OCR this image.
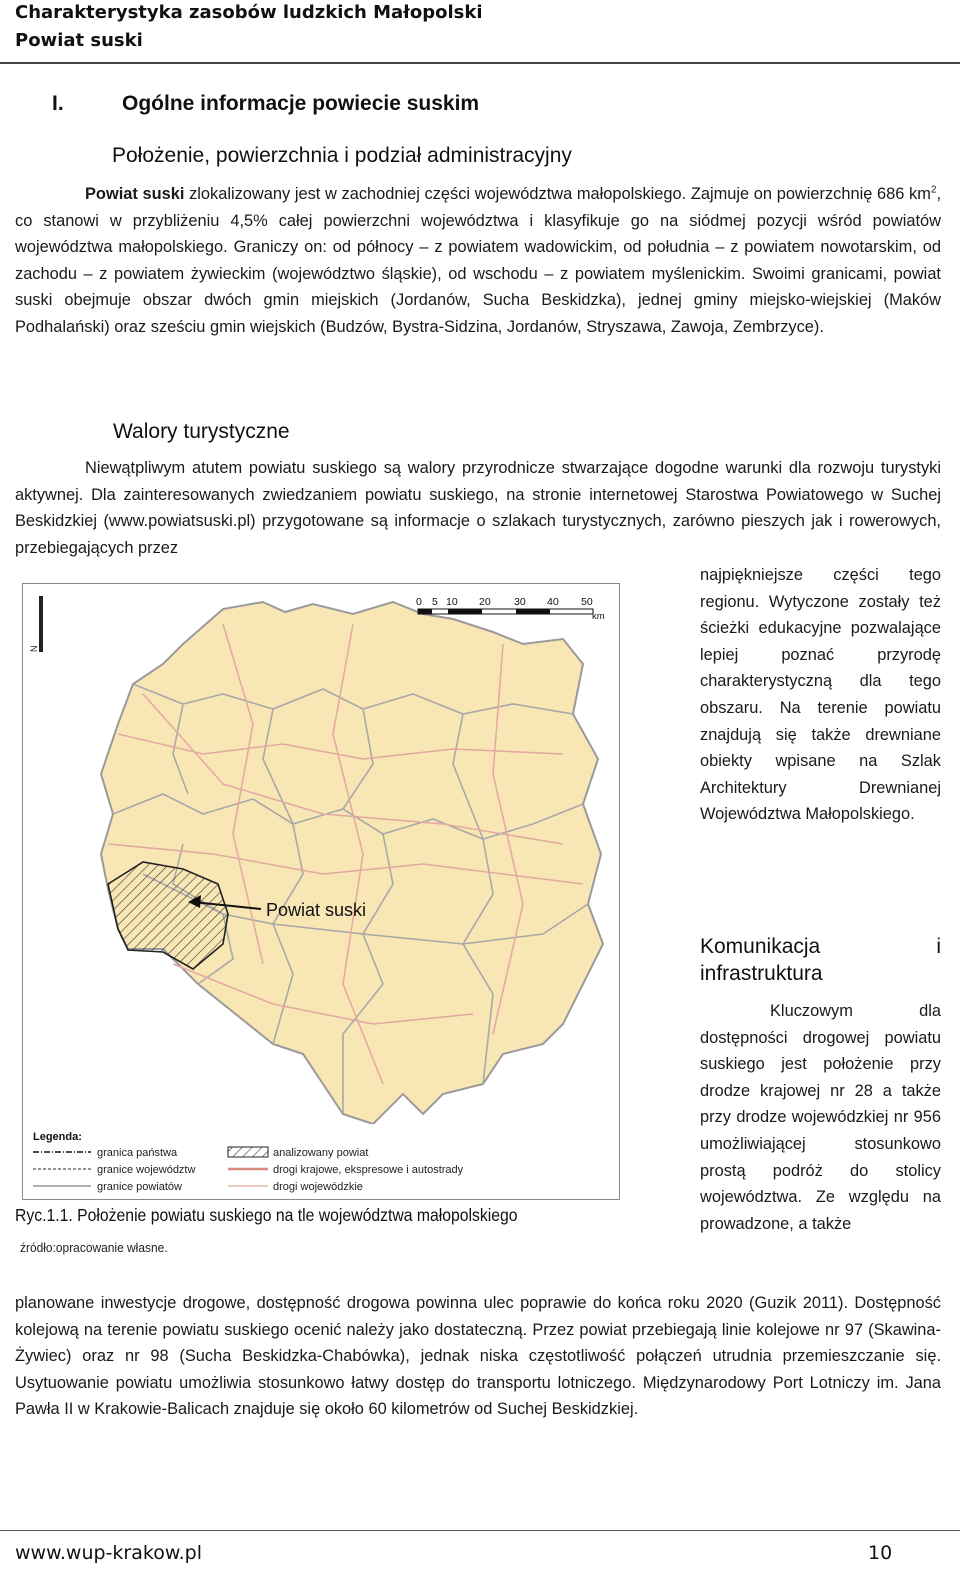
Charakterystyka zasobów ludzkich Małopolski
Powiat suski
I.	Ogólne informacje powiecie suskim
Położenie, powierzchnia i podział administracyjny
Powiat suski zlokalizowany jest w zachodniej części województwa małopolskiego. Zajmuje on powierzchnię 686 $km^2$, co stanowi w przybliżeniu 4,5% całej powierzchni województwa i klasyfikuje go na siódmej pozycji wśród powiatów województwa małopolskiego. Graniczy on: od północy – z powiatem wadowickim, od południa – z powiatem nowotarskim, od zachodu – z powiatem żywieckim (województwo śląskie), od wschodu – z powiatem myślenickim. Swoimi granicami, powiat suski obejmuje obszar dwóch gmin miejskich (Jordanów, Sucha Beskidzka), jednej gminy miejsko-wiejskiej (Maków Podhalański) oraz sześciu gmin wiejskich (Budzów, Bystra-Sidzina, Jordanów, Stryszawa, Zawoja, Zembrzyce).
Walory turystyczne
Niewątpliwym atutem powiatu suskiego są walory przyrodnicze stwarzające dogodne warunki dla rozwoju turystyki aktywnej. Dla zainteresowanych zwiedzaniem powiatu suskiego, na stronie internetowej Starostwa Powiatowego w Suchej Beskidzkiej (www.powiatsuski.pl) przygotowane są informacje o szlakach turystycznych, zarówno pieszych jak i rowerowych, przebiegających przez
najpiękniejsze części tego regionu. Wytyczone zostały też ścieżki edukacyjne pozwalające lepiej poznać przyrodę charakterystyczną dla tego obszaru. Na terenie powiatu znajdują się także drewniane obiekty wpisane na Szlak Architektury Drewnianej Województwa Małopolskiego.
N
Powiat suski
0 5 10 20 30 40 50
km
Legenda:
granica państwa
granice województw
granice powiatów
analizowany powiat
drogi krajowe, ekspresowe i autostrady
drogi wojewódzkie
Ryc.1.1. Położenie powiatu suskiego na tle województwa małopolskiego
źródło:opracowanie własne.
Komunikacja i infrastruktura
Kluczowym dla dostępności drogowej powiatu suskiego jest położenie przy drodze krajowej nr 28 a także przy drodze wojewódzkiej nr 956 umożliwiającej stosunkowo prostą podróż do stolicy województwa. Ze względu na prowadzone, a także
planowane inwestycje drogowe, dostępność drogowa powinna ulec poprawie do końca roku 2020 (Guzik 2011). Dostępność kolejową na terenie powiatu suskiego ocenić należy jako dostateczną. Przez powiat przebiegają linie kolejowe nr 97 (Skawina-Żywiec) oraz nr 98 (Sucha Beskidzka-Chabówka), jednak niska częstotliwość połączeń utrudnia przemieszczanie się. Usytuowanie powiatu umożliwia stosunkowo łatwy dostęp do transportu lotniczego. Międzynarodowy Port Lotniczy im. Jana Pawła II w Krakowie-Balicach znajduje się około 60 kilometrów od Suchej Beskidzkiej.
www.wup-krakow.pl	10
